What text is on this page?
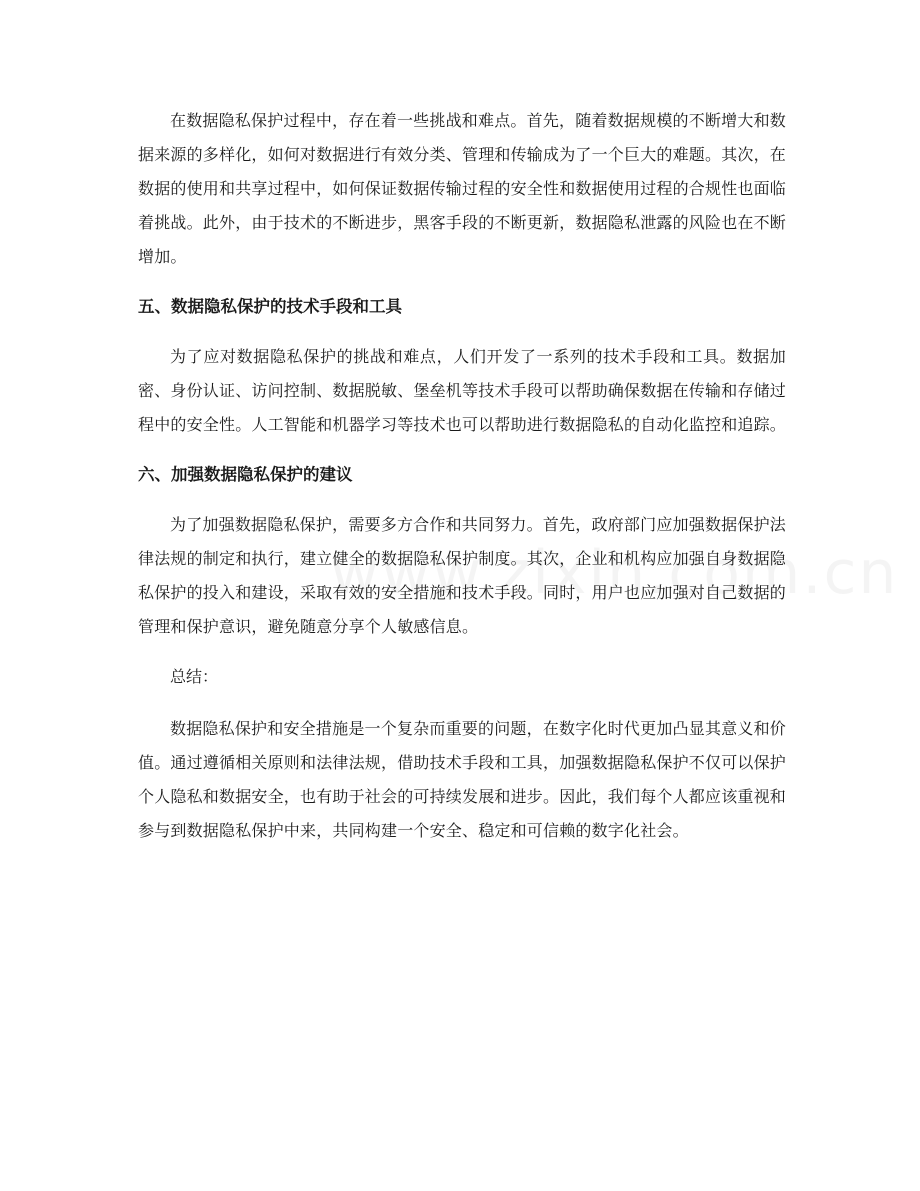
在数据隐私保护过程中，存在着一些挑战和难点。首先，随着数据规模的不断增大和数据来源的多样化，如何对数据进行有效分类、管理和传输成为了一个巨大的难题。其次，在数据的使用和共享过程中，如何保证数据传输过程的安全性和数据使用过程的合规性也面临着挑战。此外，由于技术的不断进步，黑客手段的不断更新，数据隐私泄露的风险也在不断增加。

五、数据隐私保护的技术手段和工具

为了应对数据隐私保护的挑战和难点，人们开发了一系列的技术手段和工具。数据加密、身份认证、访问控制、数据脱敏、堡垒机等技术手段可以帮助确保数据在传输和存储过程中的安全性。人工智能和机器学习等技术也可以帮助进行数据隐私的自动化监控和追踪。

六、加强数据隐私保护的建议

为了加强数据隐私保护，需要多方合作和共同努力。首先，政府部门应加强数据保护法律法规的制定和执行，建立健全的数据隐私保护制度。其次，企业和机构应加强自身数据隐私保护的投入和建设，采取有效的安全措施和技术手段。同时，用户也应加强对自己数据的管理和保护意识，避免随意分享个人敏感信息。

总结：

数据隐私保护和安全措施是一个复杂而重要的问题，在数字化时代更加凸显其意义和价值。通过遵循相关原则和法律法规，借助技术手段和工具，加强数据隐私保护不仅可以保护个人隐私和数据安全，也有助于社会的可持续发展和进步。因此，我们每个人都应该重视和参与到数据隐私保护中来，共同构建一个安全、稳定和可信赖的数字化社会。
